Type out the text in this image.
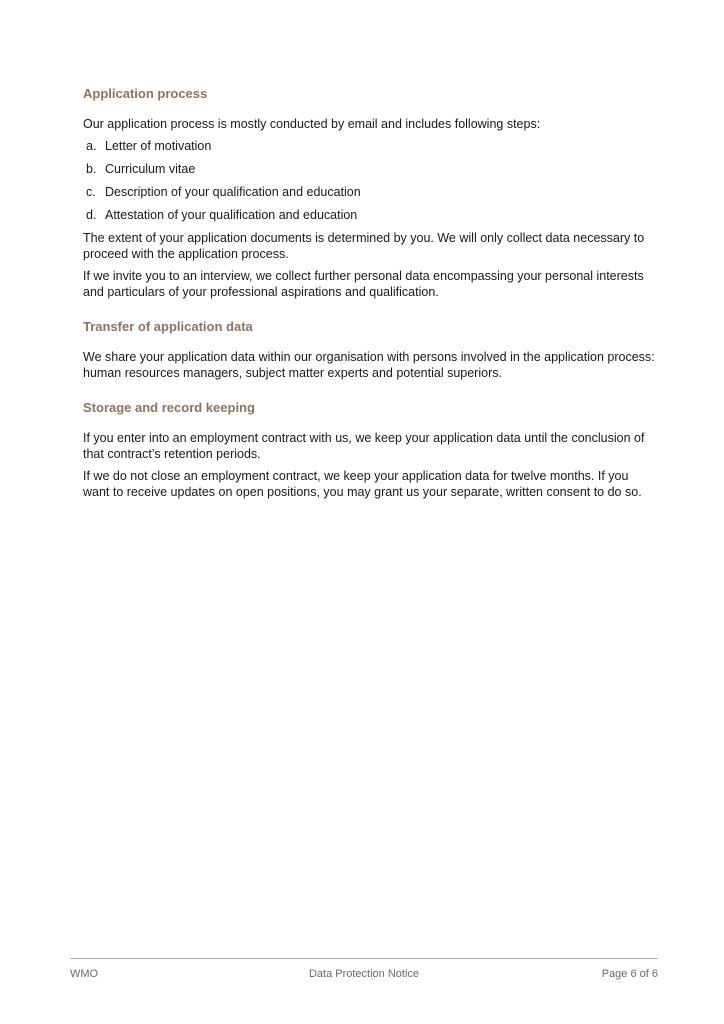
Application process

Our application process is mostly conducted by email and includes following steps:

a. Letter of motivation
b. Curriculum vitae
c. Description of your qualification and education
d. Attestation of your qualification and education

The extent of your application documents is determined by you. We will only collect data necessary to proceed with the application process.

If we invite you to an interview, we collect further personal data encompassing your personal interests and particulars of your professional aspirations and qualification.

Transfer of application data

We share your application data within our organisation with persons involved in the application process: human resources managers, subject matter experts and potential superiors.

Storage and record keeping

If you enter into an employment contract with us, we keep your application data until the conclusion of that contract’s retention periods.

If we do not close an employment contract, we keep your application data for twelve months. If you want to receive updates on open positions, you may grant us your separate, written consent to do so.

WMO	Data Protection Notice	Page 6 of 6
